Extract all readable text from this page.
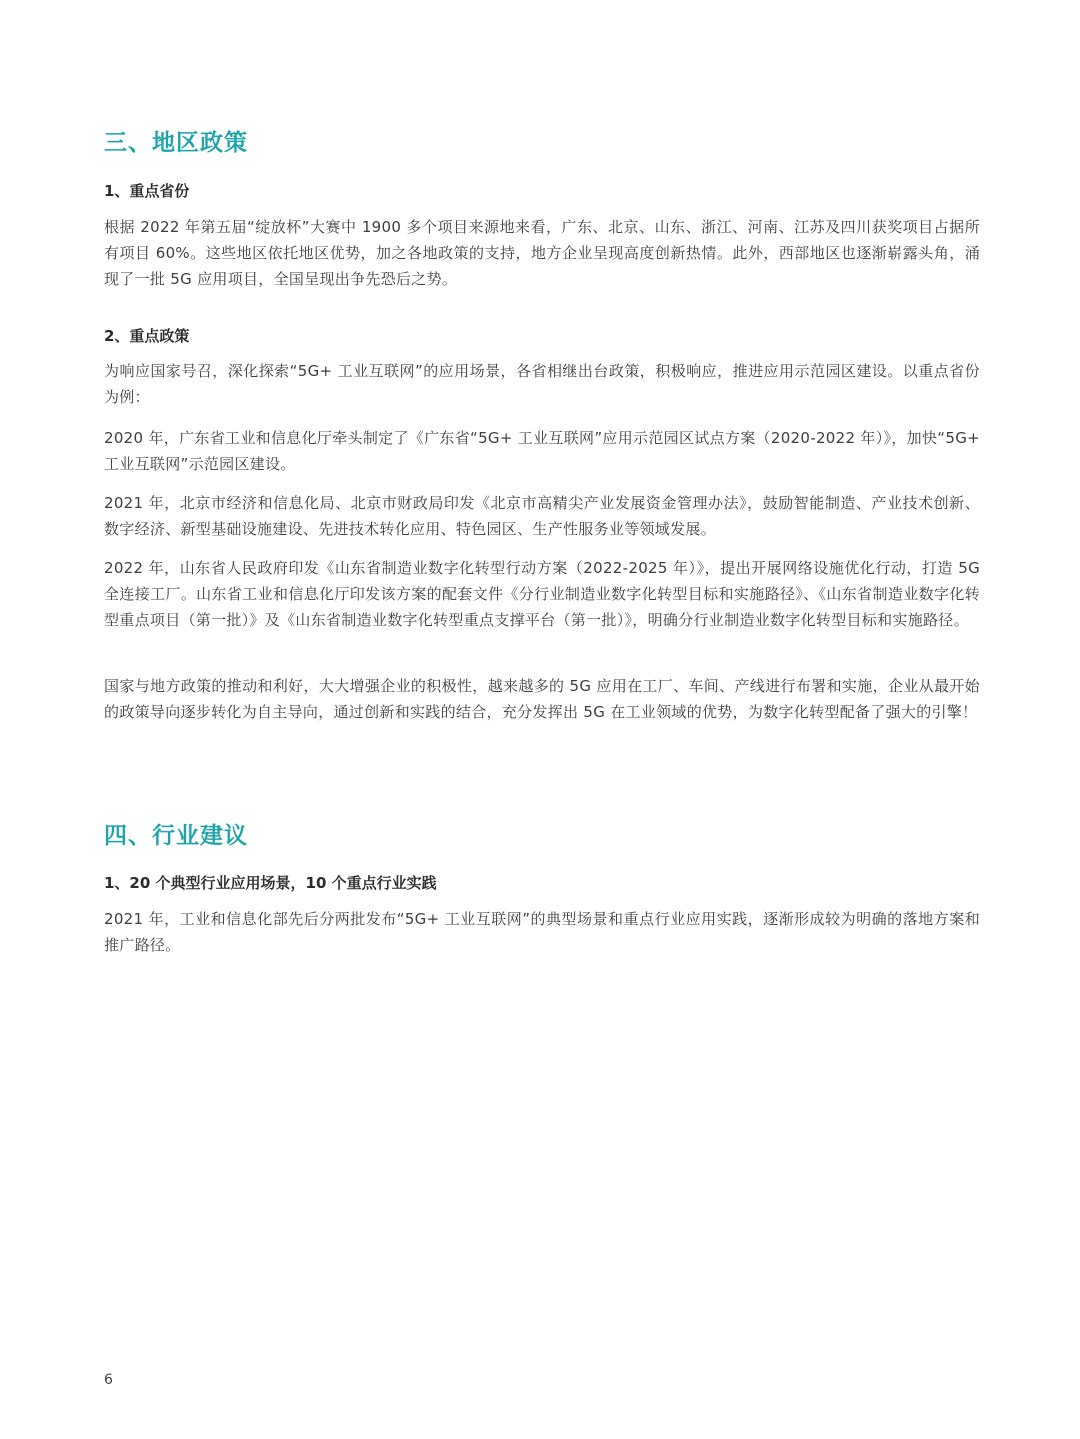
三、地区政策
1、重点省份
根据 2022 年第五届“绽放杯”大赛中 1900 多个项目来源地来看，广东、北京、山东、浙江、河南、江苏及四川获奖项目占据所有项目 60%。这些地区依托地区优势，加之各地政策的支持，地方企业呈现高度创新热情。此外，西部地区也逐渐崭露头角，涌现了一批 5G 应用项目，全国呈现出争先恐后之势。
2、重点政策
为响应国家号召，深化探索“5G+ 工业互联网”的应用场景，各省相继出台政策，积极响应，推进应用示范园区建设。以重点省份为例：
2020 年，广东省工业和信息化厅牵头制定了《广东省“5G+ 工业互联网”应用示范园区试点方案（2020-2022 年）》，加快“5G+ 工业互联网”示范园区建设。
2021 年，北京市经济和信息化局、北京市财政局印发《北京市高精尖产业发展资金管理办法》，鼓励智能制造、产业技术创新、数字经济、新型基础设施建设、先进技术转化应用、特色园区、生产性服务业等领域发展。
2022 年，山东省人民政府印发《山东省制造业数字化转型行动方案（2022-2025 年）》，提出开展网络设施优化行动，打造 5G 全连接工厂。山东省工业和信息化厅印发该方案的配套文件《分行业制造业数字化转型目标和实施路径》、《山东省制造业数字化转型重点项目（第一批）》及《山东省制造业数字化转型重点支撑平台（第一批）》，明确分行业制造业数字化转型目标和实施路径。
国家与地方政策的推动和利好，大大增强企业的积极性，越来越多的 5G 应用在工厂、车间、产线进行布署和实施，企业从最开始的政策导向逐步转化为自主导向，通过创新和实践的结合，充分发挥出 5G 在工业领域的优势，为数字化转型配备了强大的引擎！
四、行业建议
1、20 个典型行业应用场景，10 个重点行业实践
2021 年，工业和信息化部先后分两批发布“5G+ 工业互联网”的典型场景和重点行业应用实践，逐渐形成较为明确的落地方案和推广路径。
6
